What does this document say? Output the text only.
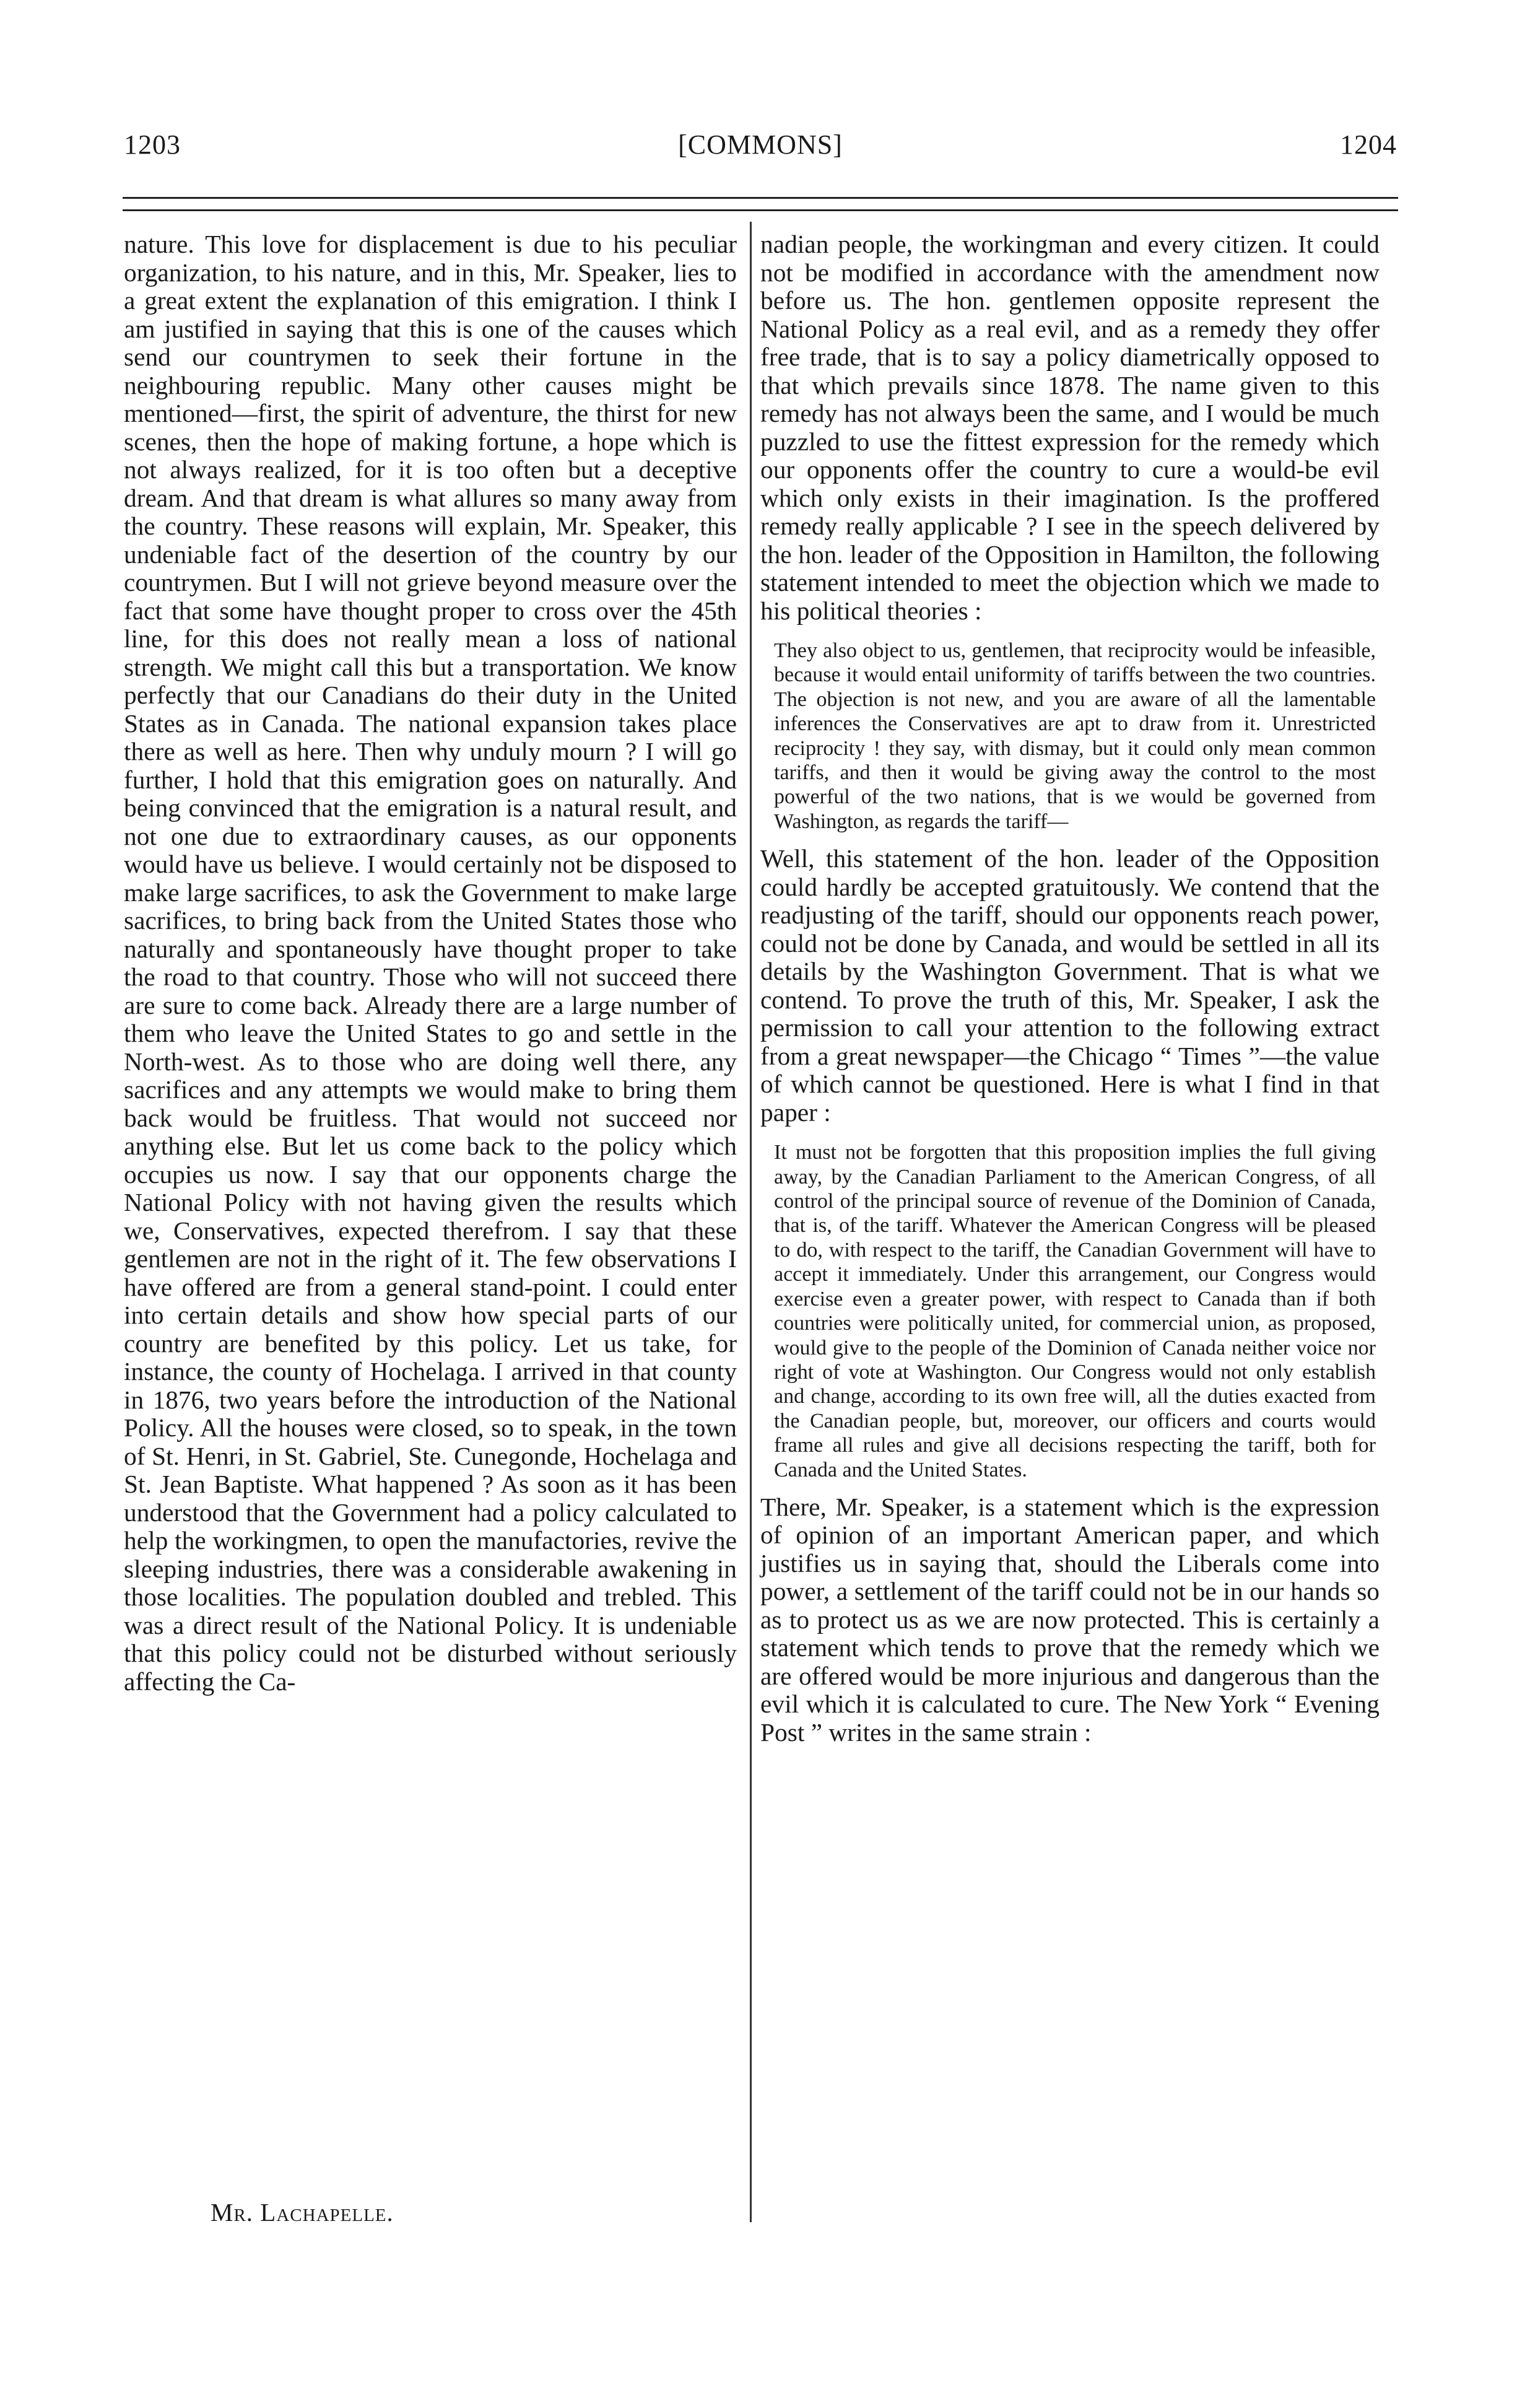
1203	[COMMONS]	1204

nature. This love for displacement is due to his peculiar organization, to his nature, and in this, Mr. Speaker, lies to a great extent the explanation of this emigration. I think I am justified in saying that this is one of the causes which send our countrymen to seek their fortune in the neighbouring republic. Many other causes might be mentioned—first, the spirit of adventure, the thirst for new scenes, then the hope of making fortune, a hope which is not always realized, for it is too often but a deceptive dream. And that dream is what allures so many away from the country. These reasons will explain, Mr. Speaker, this undeniable fact of the desertion of the country by our countrymen. But I will not grieve beyond measure over the fact that some have thought proper to cross over the 45th line, for this does not really mean a loss of national strength. We might call this but a transportation. We know perfectly that our Canadians do their duty in the United States as in Canada. The national expansion takes place there as well as here. Then why unduly mourn ? I will go further, I hold that this emigration goes on naturally. And being convinced that the emigration is a natural result, and not one due to extraordinary causes, as our opponents would have us believe. I would certainly not be disposed to make large sacrifices, to ask the Government to make large sacrifices, to bring back from the United States those who naturally and spontaneously have thought proper to take the road to that country. Those who will not succeed there are sure to come back. Already there are a large number of them who leave the United States to go and settle in the North-west. As to those who are doing well there, any sacrifices and any attempts we would make to bring them back would be fruitless. That would not succeed nor anything else. But let us come back to the policy which occupies us now. I say that our opponents charge the National Policy with not having given the results which we, Conservatives, expected therefrom. I say that these gentlemen are not in the right of it. The few observations I have offered are from a general stand-point. I could enter into certain details and show how special parts of our country are benefited by this policy. Let us take, for instance, the county of Hochelaga. I arrived in that county in 1876, two years before the introduction of the National Policy. All the houses were closed, so to speak, in the town of St. Henri, in St. Gabriel, Ste. Cunegonde, Hochelaga and St. Jean Baptiste. What happened ? As soon as it has been understood that the Government had a policy calculated to help the workingmen, to open the manufactories, revive the sleeping industries, there was a considerable awakening in those localities. The population doubled and trebled. This was a direct result of the National Policy. It is undeniable that this policy could not be disturbed without seriously affecting the Ca-

nadian people, the workingman and every citizen. It could not be modified in accordance with the amendment now before us. The hon. gentlemen opposite represent the National Policy as a real evil, and as a remedy they offer free trade, that is to say a policy diametrically opposed to that which prevails since 1878. The name given to this remedy has not always been the same, and I would be much puzzled to use the fittest expression for the remedy which our opponents offer the country to cure a would-be evil which only exists in their imagination. Is the proffered remedy really applicable ? I see in the speech delivered by the hon. leader of the Opposition in Hamilton, the following statement intended to meet the objection which we made to his political theories :

They also object to us, gentlemen, that reciprocity would be infeasible, because it would entail uniformity of tariffs between the two countries. The objection is not new, and you are aware of all the lamentable inferences the Conservatives are apt to draw from it. Unrestricted reciprocity ! they say, with dismay, but it could only mean common tariffs, and then it would be giving away the control to the most powerful of the two nations, that is we would be governed from Washington, as regards the tariff—

Well, this statement of the hon. leader of the Opposition could hardly be accepted gratuitously. We contend that the readjusting of the tariff, should our opponents reach power, could not be done by Canada, and would be settled in all its details by the Washington Government. That is what we contend. To prove the truth of this, Mr. Speaker, I ask the permission to call your attention to the following extract from a great newspaper—the Chicago “ Times ”—the value of which cannot be questioned. Here is what I find in that paper :

It must not be forgotten that this proposition implies the full giving away, by the Canadian Parliament to the American Congress, of all control of the principal source of revenue of the Dominion of Canada, that is, of the tariff. Whatever the American Congress will be pleased to do, with respect to the tariff, the Canadian Government will have to accept it immediately. Under this arrangement, our Congress would exercise even a greater power, with respect to Canada than if both countries were politically united, for commercial union, as proposed, would give to the people of the Dominion of Canada neither voice nor right of vote at Washington. Our Congress would not only establish and change, according to its own free will, all the duties exacted from the Canadian people, but, moreover, our officers and courts would frame all rules and give all decisions respecting the tariff, both for Canada and the United States.

There, Mr. Speaker, is a statement which is the expression of opinion of an important American paper, and which justifies us in saying that, should the Liberals come into power, a settlement of the tariff could not be in our hands so as to protect us as we are now protected. This is certainly a statement which tends to prove that the remedy which we are offered would be more injurious and dangerous than the evil which it is calculated to cure. The New York “ Evening Post ” writes in the same strain :

Mr. Lachapelle.
